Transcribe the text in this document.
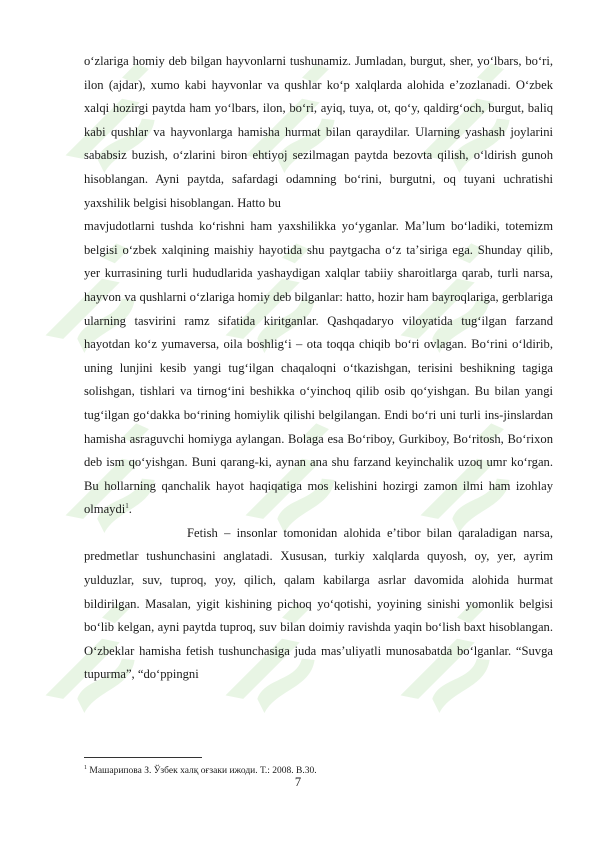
oʻzlariga homiy deb bilgan hayvonlarni tushunamiz. Jumladan, burgut, sher, yoʻlbars, boʻri, ilon (ajdar), xumo kabi hayvonlar va qushlar koʻp xalqlarda alohida eʼzozlanadi. Oʻzbek xalqi hozirgi paytda ham yoʻlbars, ilon, boʻri, ayiq, tuya, ot, qoʻy, qaldirgʻoch, burgut, baliq kabi qushlar va hayvonlarga hamisha hurmat bilan qaraydilar. Ularning yashash joylarini sababsiz buzish, oʻzlarini biron ehtiyoj sezilmagan paytda bezovta qilish, oʻldirish gunoh hisoblangan. Ayni paytda, safardagi odamning boʻrini, burgutni, oq tuyani uchratishi yaxshilik belgisi hisoblangan. Hatto bu

mavjudotlarni tushda koʻrishni ham yaxshilikka yoʻyganlar. Maʼlum boʻladiki, totemizm belgisi oʻzbek xalqining maishiy hayotida shu paytgacha oʻz taʼsiriga ega. Shunday qilib, yer kurrasining turli hududlarida yashaydigan xalqlar tabiiy sharoitlarga qarab, turli narsa, hayvon va qushlarni oʻzlariga homiy deb bilganlar: hatto, hozir ham bayroqlariga, gerblariga ularning tasvirini ramz sifatida kiritganlar. Qashqadaryo viloyatida tugʻilgan farzand hayotdan koʻz yumaversa, oila boshligʻi – ota toqqa chiqib boʻri ovlagan. Boʻrini oʻldirib, uning lunjini kesib yangi tugʻilgan chaqaloqni oʻtkazishgan, terisini beshikning tagiga solishgan, tishlari va tirnogʻini beshikka oʻyinchoq qilib osib qoʻyishgan. Bu bilan yangi tugʻilgan goʻdakka boʻrining homiylik qilishi belgilangan. Endi boʻri uni turli ins-jinslardan hamisha asraguvchi homiyga aylangan. Bolaga esa Boʻriboy, Gurkiboy, Boʻritosh, Boʻrixon deb ism qoʻyishgan. Buni qarang-ki, aynan ana shu farzand keyinchalik uzoq umr koʻrgan. Bu hollarning qanchalik hayot haqiqatiga mos kelishini hozirgi zamon ilmi ham izohlay olmaydi$^1$.

Fetish – insonlar tomonidan alohida eʼtibor bilan qaraladigan narsa, predmetlar tushunchasini anglatadi. Xususan, turkiy xalqlarda quyosh, oy, yer, ayrim yulduzlar, suv, tuproq, yoy, qilich, qalam kabilarga asrlar davomida alohida hurmat bildirilgan. Masalan, yigit kishining pichoq yoʻqotishi, yoyining sinishi yomonlik belgisi boʻlib kelgan, ayni paytda tuproq, suv bilan doimiy ravishda yaqin boʻlish baxt hisoblangan. Oʻzbeklar hamisha fetish tushunchasiga juda masʼuliyatli munosabatda boʻlganlar. “Suvga tupurma”, “doʻppingni

$^1$ Машарипова З. Ўзбек халқ оғзаки ижоди. Т.: 2008. В.30.
7
